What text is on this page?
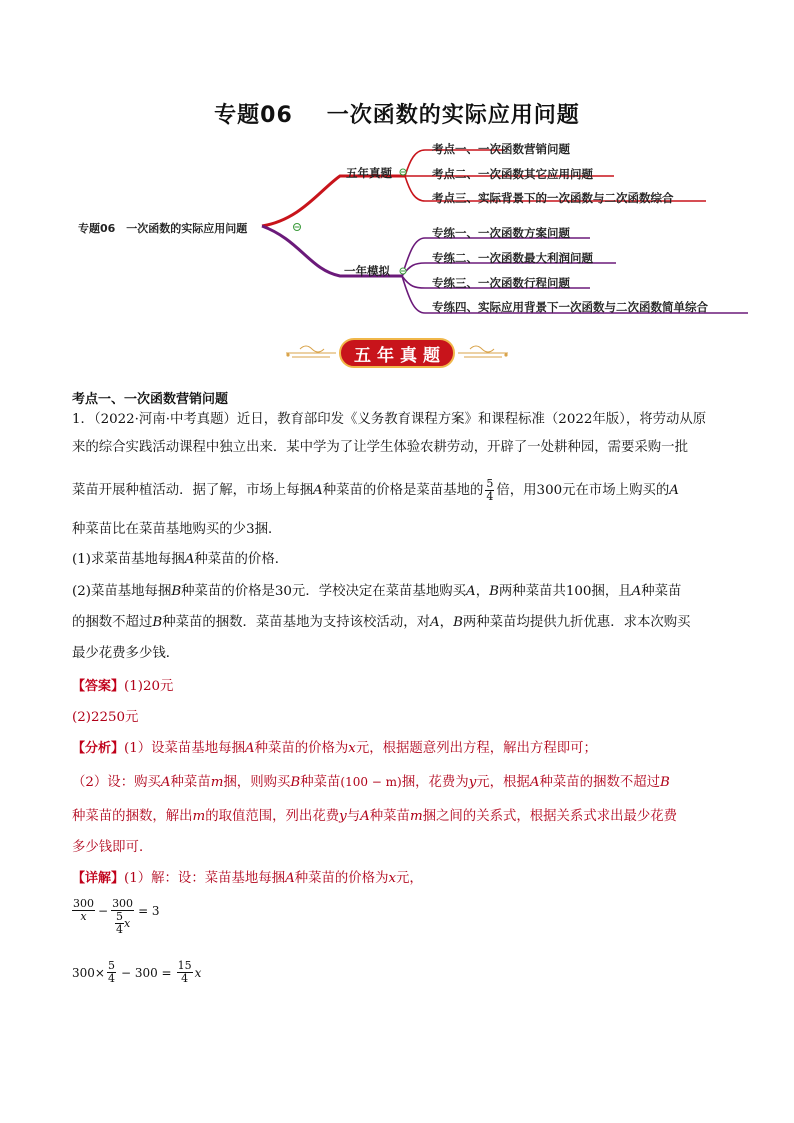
专题06 一次函数的实际应用问题
专题06　一次函数的实际应用问题
五年真题
考点一、一次函数营销问题
考点二、一次函数其它应用问题
考点三、实际背景下的一次函数与二次函数综合
一年模拟
专练一、一次函数方案问题
专练二、一次函数最大利润问题
专练三、一次函数行程问题
专练四、实际应用背景下一次函数与二次函数简单综合
五 年 真 题
考点一、一次函数营销问题
1．（2022·河南·中考真题）近日，教育部印发《义务教育课程方案》和课程标准（2022年版），将劳动从原
来的综合实践活动课程中独立出来．某中学为了让学生体验农耕劳动，开辟了一处耕种园，需要采购一批
菜苗开展种植活动．据了解，市场上每捆A种菜苗的价格是菜苗基地的 $\frac{5}{4}$ 倍，用300元在市场上购买的A
种菜苗比在菜苗基地购买的少3捆．
(1)求菜苗基地每捆A种菜苗的价格．
(2)菜苗基地每捆B种菜苗的价格是30元．学校决定在菜苗基地购买A，B两种菜苗共100捆，且A种菜苗
的捆数不超过B种菜苗的捆数．菜苗基地为支持该校活动，对A，B两种菜苗均提供九折优惠．求本次购买
最少花费多少钱．
【答案】(1)20元
(2)2250元
【分析】(1）设菜苗基地每捆A种菜苗的价格为x元，根据题意列出方程，解出方程即可；
（2）设：购买A种菜苗m捆，则购买B种菜苗(100 − m)捆，花费为y元，根据A种菜苗的捆数不超过B
种菜苗的捆数，解出m的取值范围，列出花费y与A种菜苗m捆之间的关系式，根据关系式求出最少花费
多少钱即可．
【详解】(1）解：设：菜苗基地每捆A种菜苗的价格为x元，
$\frac{300}{x} - \frac{300}{\frac{5}{4} x} = 3$
$300\times \frac{5}{4} - 300 = \frac{15}{4}$ x
